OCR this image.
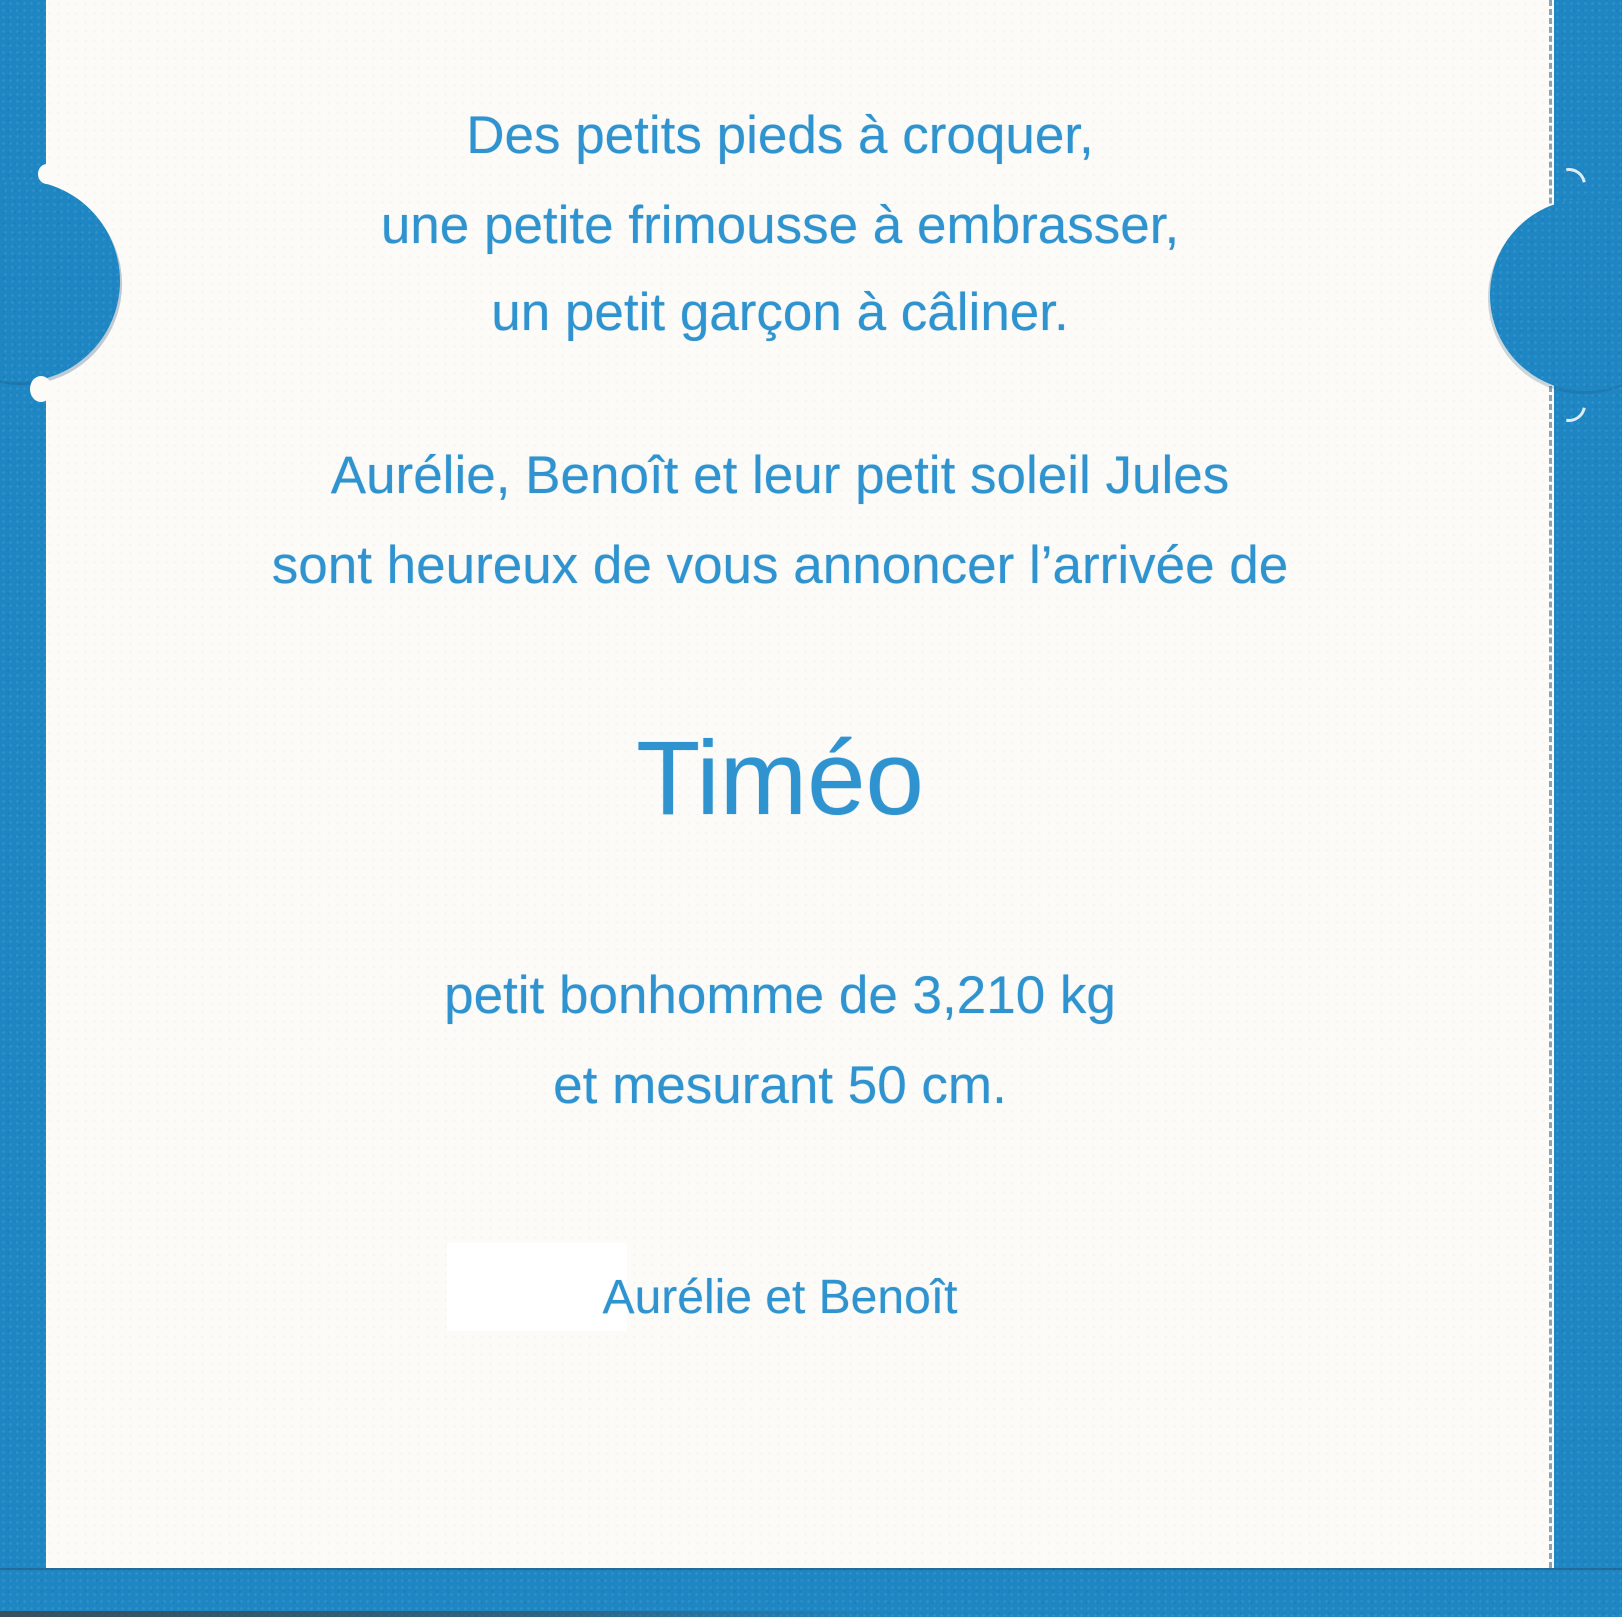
Des petits pieds à croquer,
une petite frimousse à embrasser,
un petit garçon à câliner.
Aurélie, Benoît et leur petit soleil Jules
sont heureux de vous annoncer l’arrivée de
Timéo
petit bonhomme de 3,210 kg
et mesurant 50 cm.
Aurélie et Benoît
